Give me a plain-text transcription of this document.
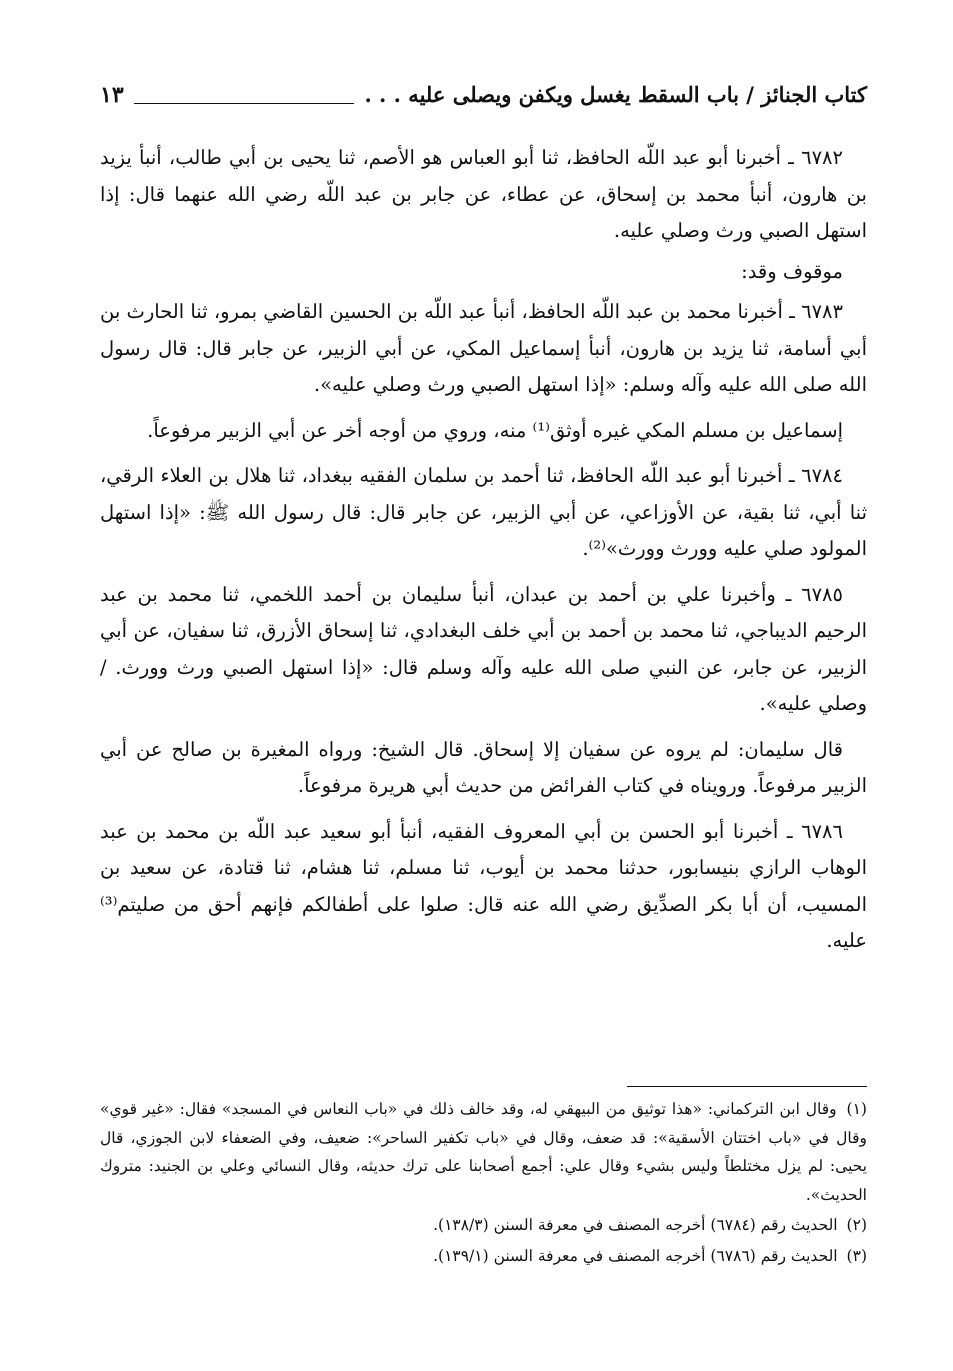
كتاب الجنائز / باب السقط يغسل ويكفن ويصلى عليه . . .
١٣

٦٧٨٢ ـ أخبرنا أبو عبد اللّه الحافظ، ثنا أبو العباس هو الأصم، ثنا يحيى بن أبي طالب، أنبأ يزيد بن هارون، أنبأ محمد بن إسحاق، عن عطاء، عن جابر بن عبد اللّه رضي الله عنهما قال: إذا استهل الصبي ورث وصلي عليه.

موقوف وقد:

٦٧٨٣ ـ أخبرنا محمد بن عبد اللّه الحافظ، أنبأ عبد اللّه بن الحسين القاضي بمرو، ثنا الحارث بن أبي أسامة، ثنا يزيد بن هارون، أنبأ إسماعيل المكي، عن أبي الزبير، عن جابر قال: قال رسول الله صلى الله عليه وآله وسلم: «إذا استهل الصبي ورث وصلي عليه».

إسماعيل بن مسلم المكي غيره أوثق⁽¹⁾ منه، وروي من أوجه أخر عن أبي الزبير مرفوعاً.

٦٧٨٤ ـ أخبرنا أبو عبد اللّه الحافظ، ثنا أحمد بن سلمان الفقيه ببغداد، ثنا هلال بن العلاء الرقي، ثنا أبي، ثنا بقية، عن الأوزاعي، عن أبي الزبير، عن جابر قال: قال رسول الله ﷺ: «إذا استهل المولود صلي عليه وورث وورث»⁽²⁾.

٦٧٨٥ ـ وأخبرنا علي بن أحمد بن عبدان، أنبأ سليمان بن أحمد اللخمي، ثنا محمد بن عبد الرحيم الديباجي، ثنا محمد بن أحمد بن أبي خلف البغدادي، ثنا إسحاق الأزرق، ثنا سفيان، عن أبي الزبير، عن جابر، عن النبي صلى الله عليه وآله وسلم قال: «إذا استهل الصبي ورث وورث. / وصلي عليه».

قال سليمان: لم يروه عن سفيان إلا إسحاق. قال الشيخ: ورواه المغيرة بن صالح عن أبي الزبير مرفوعاً. ورويناه في كتاب الفرائض من حديث أبي هريرة مرفوعاً.

٦٧٨٦ ـ أخبرنا أبو الحسن بن أبي المعروف الفقيه، أنبأ أبو سعيد عبد اللّه بن محمد بن عبد الوهاب الرازي بنيسابور، حدثنا محمد بن أيوب، ثنا مسلم، ثنا هشام، ثنا قتادة، عن سعيد بن المسيب، أن أبا بكر الصدِّيق رضي الله عنه قال: صلوا على أطفالكم فإنهم أحق من صليتم⁽³⁾ عليه.

(١) وقال ابن التركماني: «هذا توثيق من البيهقي له، وقد خالف ذلك في «باب النعاس في المسجد» فقال: «غير قوي» وقال في «باب اختتان الأسقية»: قد ضعف، وقال في «باب تكفير الساحر»: ضعيف، وفي الضعفاء لابن الجوزي، قال يحيى: لم يزل مختلطاً وليس بشيء وقال علي: أجمع أصحابنا على ترك حديثه، وقال النسائي وعلي بن الجنيد: متروك الحديث».

(٢) الحديث رقم (٦٧٨٤) أخرجه المصنف في معرفة السنن (١٣٨/٣).

(٣) الحديث رقم (٦٧٨٦) أخرجه المصنف في معرفة السنن (١٣٩/١).
